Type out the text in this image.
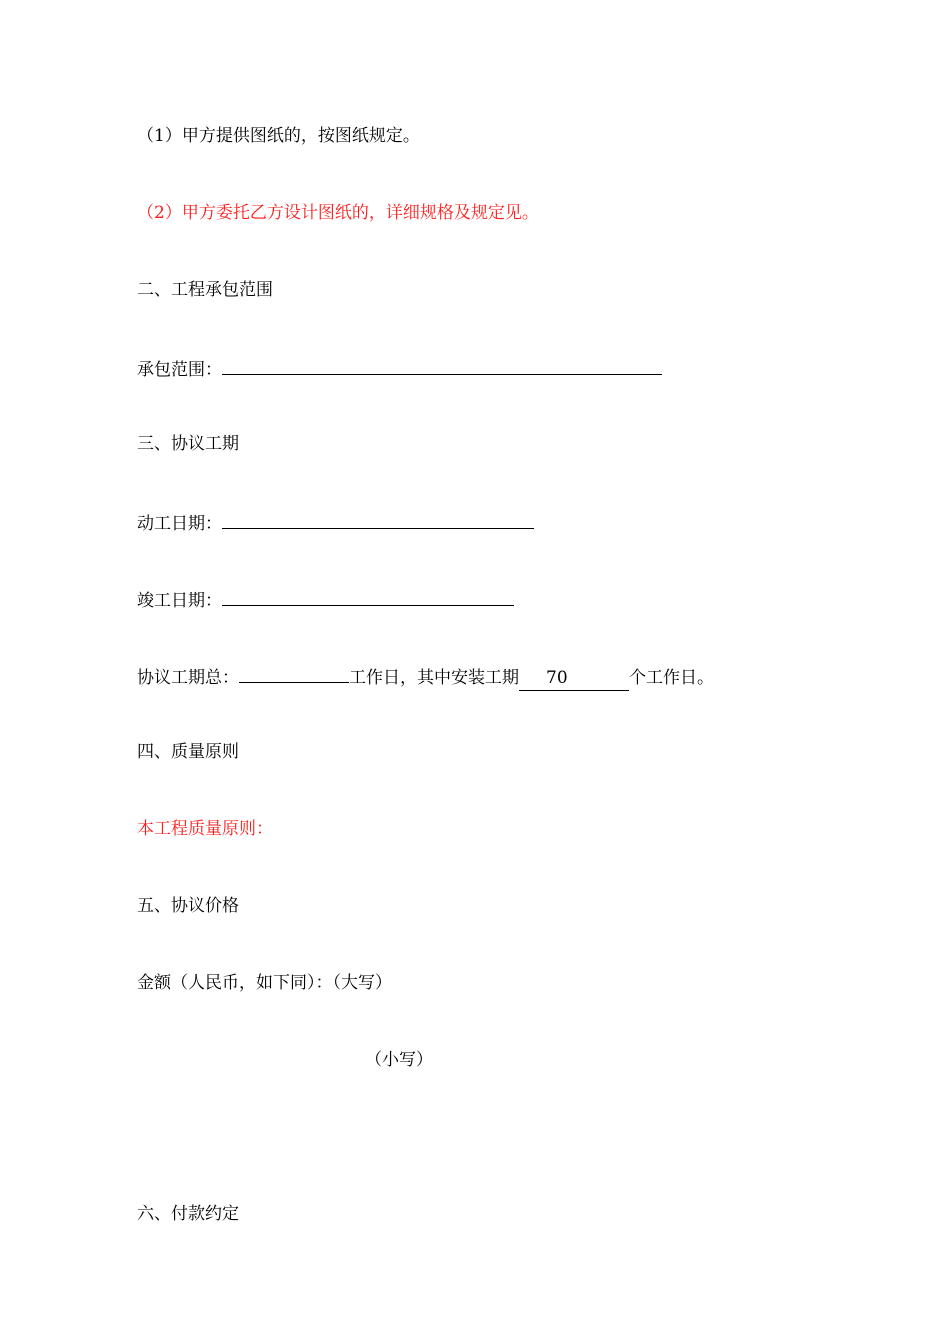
（1）甲方提供图纸的，按图纸规定。
（2）甲方委托乙方设计图纸的，详细规格及规定见。
二、工程承包范围
承包范围：
三、协议工期
动工日期：
竣工日期：
协议工期总：	工作日，其中安装工期 70	个工作日。
四、质量原则
本工程质量原则：
五、协议价格
金额（人民币，如下同）：（大写）
（小写）
六、付款约定
